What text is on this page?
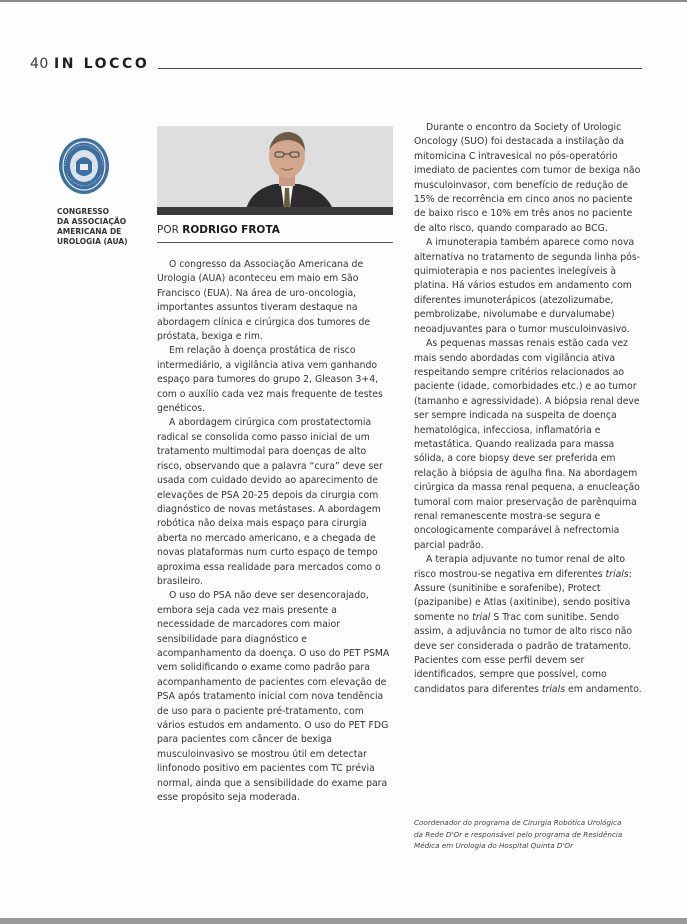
40 IN LOCCO
CONGRESSO
DA ASSOCIAÇÃO
AMERICANA DE
UROLOGIA (AUA)
POR RODRIGO FROTA

O congresso da Associação Americana de Urologia (AUA) aconteceu em maio em São Francisco (EUA). Na área de uro-oncologia, importantes assuntos tiveram destaque na abordagem clínica e cirúrgica dos tumores de próstata, bexiga e rim.

Em relação à doença prostática de risco intermediário, a vigilância ativa vem ganhando espaço para tumores do grupo 2, Gleason 3+4, com o auxílio cada vez mais frequente de testes genéticos.

A abordagem cirúrgica com prostatectomia radical se consolida como passo inicial de um tratamento multimodal para doenças de alto risco, observando que a palavra “cura” deve ser usada com cuidado devido ao aparecimento de elevações de PSA 20-25 depois da cirurgia com diagnóstico de novas metástases. A abordagem robótica não deixa mais espaço para cirurgia aberta no mercado americano, e a chegada de novas plataformas num curto espaço de tempo aproxima essa realidade para mercados como o brasileiro.

O uso do PSA não deve ser desencorajado, embora seja cada vez mais presente a necessidade de marcadores com maior sensibilidade para diagnóstico e acompanhamento da doença. O uso do PET PSMA vem solidificando o exame como padrão para acompanhamento de pacientes com elevação de PSA após tratamento inicial com nova tendência de uso para o paciente pré-tratamento, com vários estudos em andamento. O uso do PET FDG para pacientes com câncer de bexiga musculoinvasivo se mostrou útil em detectar linfonodo positivo em pacientes com TC prévia normal, ainda que a sensibilidade do exame para esse propósito seja moderada.

Durante o encontro da Society of Urologic Oncology (SUO) foi destacada a instilação da mitomicina C intravesical no pós-operatório imediato de pacientes com tumor de bexiga não musculoinvasor, com benefício de redução de 15% de recorrência em cinco anos no paciente de baixo risco e 10% em três anos no paciente de alto risco, quando comparado ao BCG.

A imunoterapia também aparece como nova alternativa no tratamento de segunda linha pós-quimioterapia e nos pacientes inelegíveis à platina. Há vários estudos em andamento com diferentes imunoterápicos (atezolizumabe, pembrolizabe, nivolumabe e durvalumabe) neoadjuvantes para o tumor musculoinvasivo.

As pequenas massas renais estão cada vez mais sendo abordadas com vigilância ativa respeitando sempre critérios relacionados ao paciente (idade, comorbidades etc.) e ao tumor (tamanho e agressividade). A biópsia renal deve ser sempre indicada na suspeita de doença hematológica, infecciosa, inflamatória e metastática. Quando realizada para massa sólida, a core biopsy deve ser preferida em relação à biópsia de agulha fina. Na abordagem cirúrgica da massa renal pequena, a enucleação tumoral com maior preservação de parênquima renal remanescente mostra-se segura e oncologicamente comparável à nefrectomia parcial padrão.

A terapia adjuvante no tumor renal de alto risco mostrou-se negativa em diferentes trials: Assure (sunitinibe e sorafenibe), Protect (pazipanibe) e Atlas (axitinibe), sendo positiva somente no trial S Trac com sunitibe. Sendo assim, a adjuvância no tumor de alto risco não deve ser considerada o padrão de tratamento. Pacientes com esse perfil devem ser identificados, sempre que possível, como candidatos para diferentes trials em andamento.

Coordenador do programa de Cirurgia Robótica Urológica
da Rede D'Or e responsável pelo programa de Residência
Médica em Urologia do Hospital Quinta D'Or
